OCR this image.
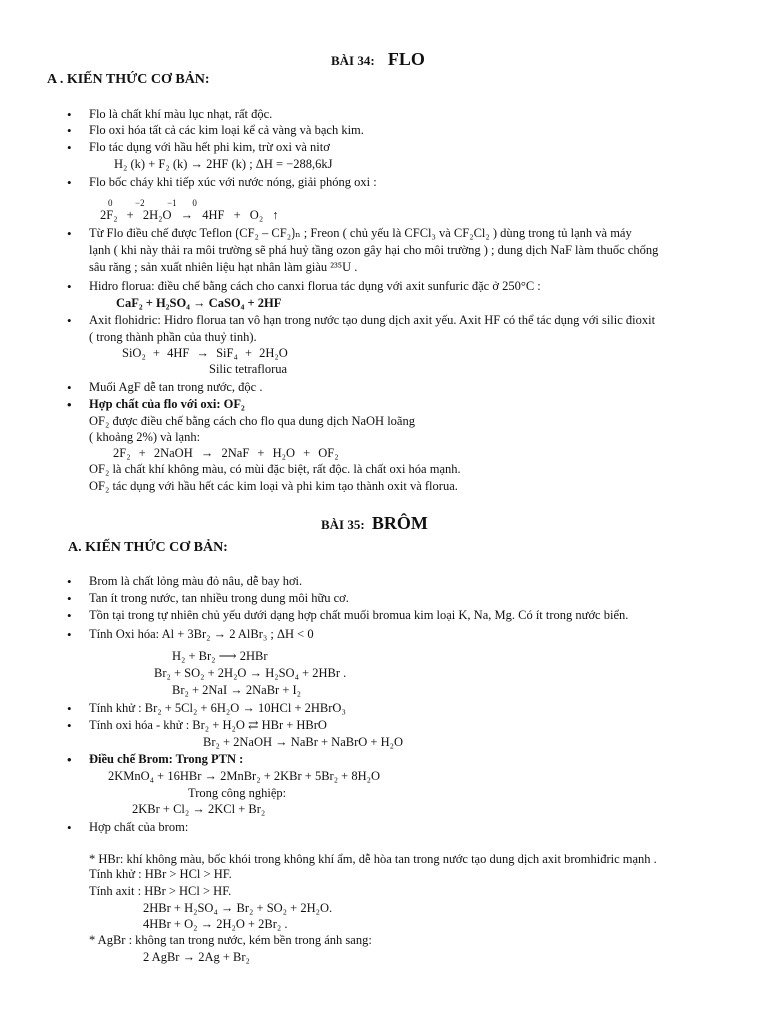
BÀI 34: FLO
A . KIẾN THỨC CƠ BẢN:
• Flo là chất khí màu lục nhạt, rất độc.
• Flo oxi hóa tất cả các kim loại kể cả vàng và bạch kim.
• Flo tác dụng với hầu hết phi kim, trừ oxi và nitơ
H₂ (k) + F₂ (k) → 2HF (k) ; ΔH = −288,6kJ
• Flo bốc cháy khi tiếp xúc với nước nóng, giải phóng oxi :
0          −2          −1       0
2F₂ + 2H₂O → 4HF + O₂ ↑
• Từ Flo điều chế được Teflon ⟮CF₂ – CF₂⟯ₙ ; Freon ( chủ yếu là CFCl₃ và CF₂Cl₂ ) dùng trong tủ lạnh và máy
lạnh ( khi này thải ra môi trường sẽ phá huỷ tầng ozon gây hại cho môi trường ) ; dung dịch NaF làm thuốc chống
sâu răng ; sản xuất nhiên liệu hạt nhân làm giàu ²³⁵U .
• Hidro florua: điều chế bằng cách cho canxi florua tác dụng với axit sunfuric đặc ở 250°C :
CaF₂ + H₂SO₄ → CaSO₄ + 2HF
• Axit flohidric: Hidro florua tan vô hạn trong nước tạo dung dịch axit yếu. Axit HF có thể tác dụng với silic đioxit
( trong thành phần của thuỷ tinh).
SiO₂ + 4HF → SiF₄ + 2H₂O
Silic tetraflorua
• Muối AgF dễ tan trong nước, độc .
• Hợp chất của flo với oxi: OF₂
OF₂ được điều chế bằng cách cho flo qua dung dịch NaOH loãng
( khoảng 2%) và lạnh:
2F₂ + 2NaOH → 2NaF + H₂O + OF₂
OF₂ là chất khí không màu, có mùi đặc biệt, rất độc. là chất oxi hóa mạnh.
OF₂ tác dụng với hầu hết các kim loại và phi kim tạo thành oxit và florua.
BÀI 35: BRÔM
A. KIẾN THỨC CƠ BẢN:
• Brom là chất lỏng màu đỏ nâu, dễ bay hơi.
• Tan ít trong nước, tan nhiều trong dung môi hữu cơ.
• Tồn tại trong tự nhiên chủ yếu dưới dạng hợp chất muối bromua kim loại K, Na, Mg. Có ít trong nước biển.
• Tính Oxi hóa: Al + 3Br₂ → 2 AlBr₃ ; ΔH < 0
H₂ + Br₂ ⟶ 2HBr
Br₂ + SO₂ + 2H₂O → H₂SO₄ + 2HBr .
Br₂ + 2NaI → 2NaBr + I₂
• Tính khử : Br₂ + 5Cl₂ + 6H₂O → 10HCl + 2HBrO₃
• Tính oxi hóa - khử : Br₂ + H₂O ⇄ HBr + HBrO
Br₂ + 2NaOH → NaBr + NaBrO + H₂O
• Điều chế Brom: Trong PTN :
2KMnO₄ + 16HBr → 2MnBr₂ + 2KBr + 5Br₂ + 8H₂O
Trong công nghiệp:
2KBr + Cl₂ → 2KCl + Br₂
• Hợp chất của brom:
* HBr: khí không màu, bốc khói trong không khí ẩm, dễ hòa tan trong nước tạo dung dịch axit bromhiđric mạnh .
Tính khử : HBr > HCl > HF.
Tính axit : HBr > HCl > HF.
2HBr + H₂SO₄ → Br₂ + SO₂ + 2H₂O.
4HBr + O₂ → 2H₂O + 2Br₂ .
* AgBr : không tan trong nước, kém bền trong ánh sang:
2 AgBr → 2Ag + Br₂
